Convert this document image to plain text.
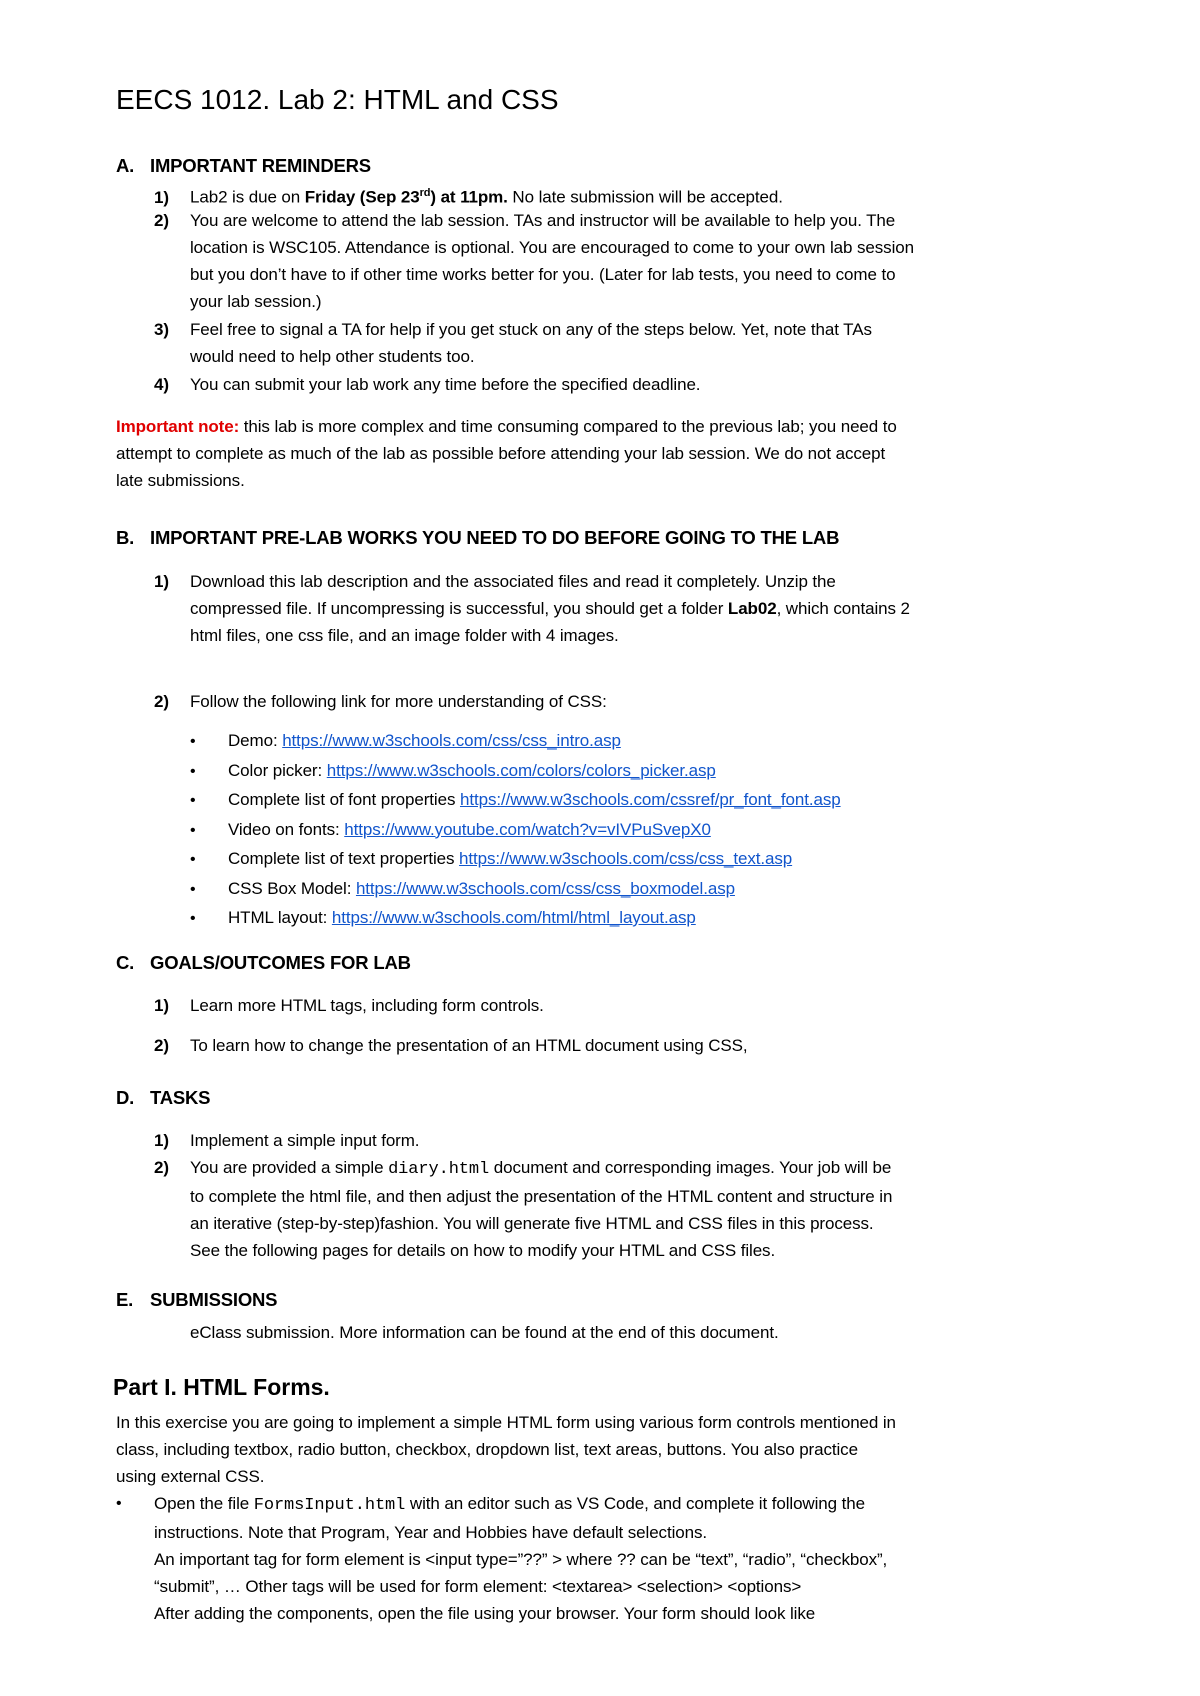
EECS 1012. Lab 2: HTML and CSS
A. IMPORTANT REMINDERS
1) Lab2 is due on Friday (Sep 23rd) at 11pm. No late submission will be accepted.
2) You are welcome to attend the lab session. TAs and instructor will be available to help you. The
location is WSC105. Attendance is optional. You are encouraged to come to your own lab session
but you don’t have to if other time works better for you. (Later for lab tests, you need to come to
your lab session.)
3) Feel free to signal a TA for help if you get stuck on any of the steps below. Yet, note that TAs
would need to help other students too.
4) You can submit your lab work any time before the specified deadline.
Important note: this lab is more complex and time consuming compared to the previous lab; you need to
attempt to complete as much of the lab as possible before attending your lab session. We do not accept
late submissions.
B. IMPORTANT PRE-LAB WORKS YOU NEED TO DO BEFORE GOING TO THE LAB
1) Download this lab description and the associated files and read it completely. Unzip the
compressed file. If uncompressing is successful, you should get a folder Lab02, which contains 2
html files, one css file, and an image folder with 4 images.
2) Follow the following link for more understanding of CSS:
• Demo: https://www.w3schools.com/css/css_intro.asp
• Color picker: https://www.w3schools.com/colors/colors_picker.asp
• Complete list of font properties https://www.w3schools.com/cssref/pr_font_font.asp
• Video on fonts: https://www.youtube.com/watch?v=vIVPuSvepX0
• Complete list of text properties https://www.w3schools.com/css/css_text.asp
• CSS Box Model: https://www.w3schools.com/css/css_boxmodel.asp
• HTML layout: https://www.w3schools.com/html/html_layout.asp
C. GOALS/OUTCOMES FOR LAB
1) Learn more HTML tags, including form controls.
2) To learn how to change the presentation of an HTML document using CSS,
D. TASKS
1) Implement a simple input form.
2) You are provided a simple diary.html document and corresponding images. Your job will be
to complete the html file, and then adjust the presentation of the HTML content and structure in
an iterative (step-by-step)fashion. You will generate five HTML and CSS files in this process.
See the following pages for details on how to modify your HTML and CSS files.
E. SUBMISSIONS
eClass submission. More information can be found at the end of this document.
Part I. HTML Forms.
In this exercise you are going to implement a simple HTML form using various form controls mentioned in
class, including textbox, radio button, checkbox, dropdown list, text areas, buttons. You also practice
using external CSS.
• Open the file FormsInput.html with an editor such as VS Code, and complete it following the
instructions. Note that Program, Year and Hobbies have default selections.
An important tag for form element is <input type=”??” > where ?? can be “text”, “radio”, “checkbox”,
“submit”, … Other tags will be used for form element: <textarea> <selection> <options>
After adding the components, open the file using your browser. Your form should look like
